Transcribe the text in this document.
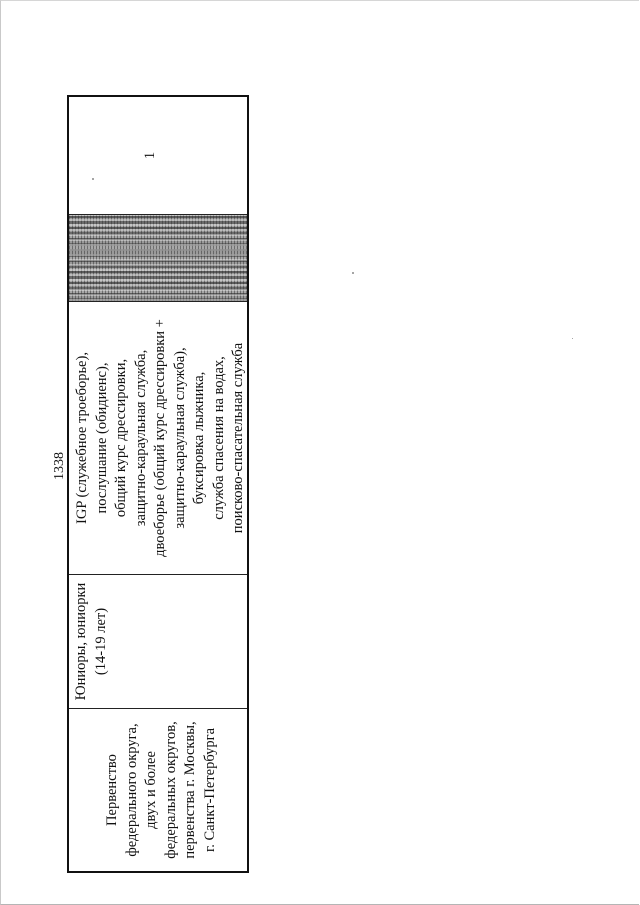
1338
Первенство федерального округа, двух и более федеральных округов, первенства г. Москвы, г. Санкт-Петербурга
Юниоры, юниорки (14-19 лет)
IGP (служебное троеборье), послушание (обидиенс), общий курс дрессировки, защитно-караульная служба, двоеборье (общий курс дрессировки + защитно-караульная служба), буксировка лыжника, служба спасения на водах, поисково-спасательная служба
1
